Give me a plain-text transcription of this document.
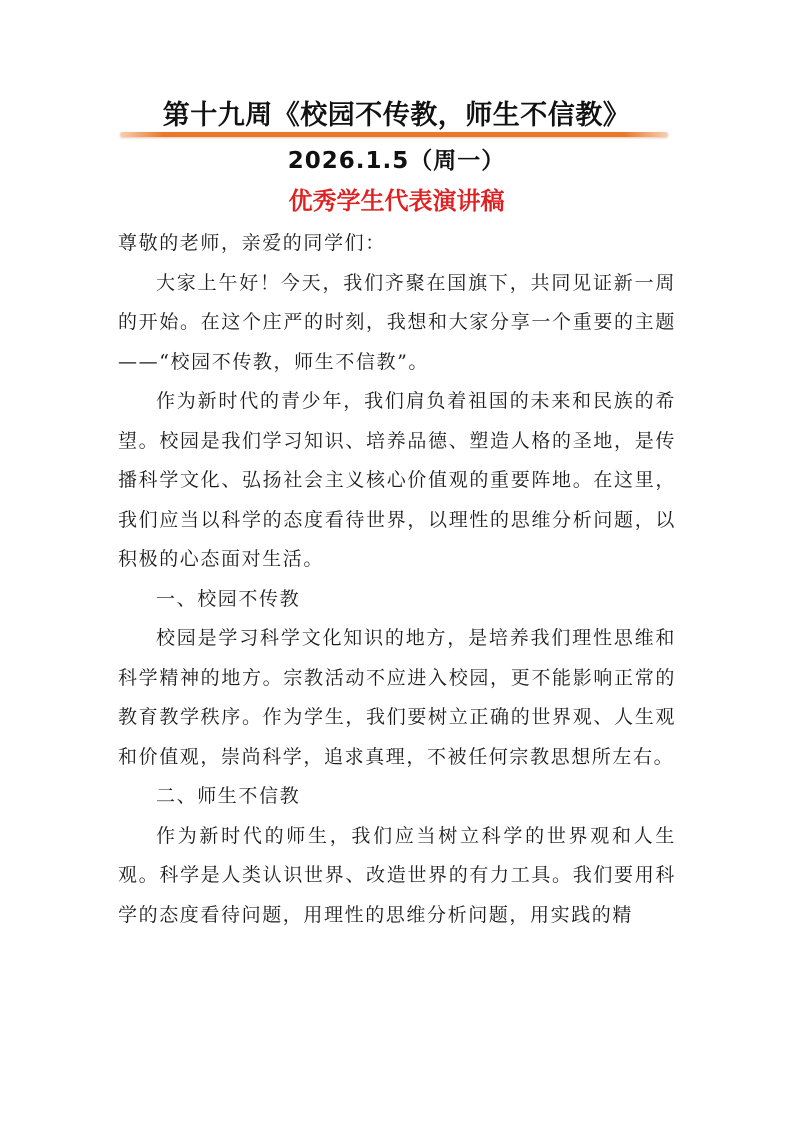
第十九周《校园不传教，师生不信教》
2026.1.5（周一）
优秀学生代表演讲稿

尊敬的老师，亲爱的同学们：

大家上午好！今天，我们齐聚在国旗下，共同见证新一周的开始。在这个庄严的时刻，我想和大家分享一个重要的主题——“校园不传教，师生不信教”。

作为新时代的青少年，我们肩负着祖国的未来和民族的希望。校园是我们学习知识、培养品德、塑造人格的圣地，是传播科学文化、弘扬社会主义核心价值观的重要阵地。在这里，我们应当以科学的态度看待世界，以理性的思维分析问题，以积极的心态面对生活。

一、校园不传教

校园是学习科学文化知识的地方，是培养我们理性思维和科学精神的地方。宗教活动不应进入校园，更不能影响正常的教育教学秩序。作为学生，我们要树立正确的世界观、人生观和价值观，崇尚科学，追求真理，不被任何宗教思想所左右。

二、师生不信教

作为新时代的师生，我们应当树立科学的世界观和人生观。科学是人类认识世界、改造世界的有力工具。我们要用科学的态度看待问题，用理性的思维分析问题，用实践的精
